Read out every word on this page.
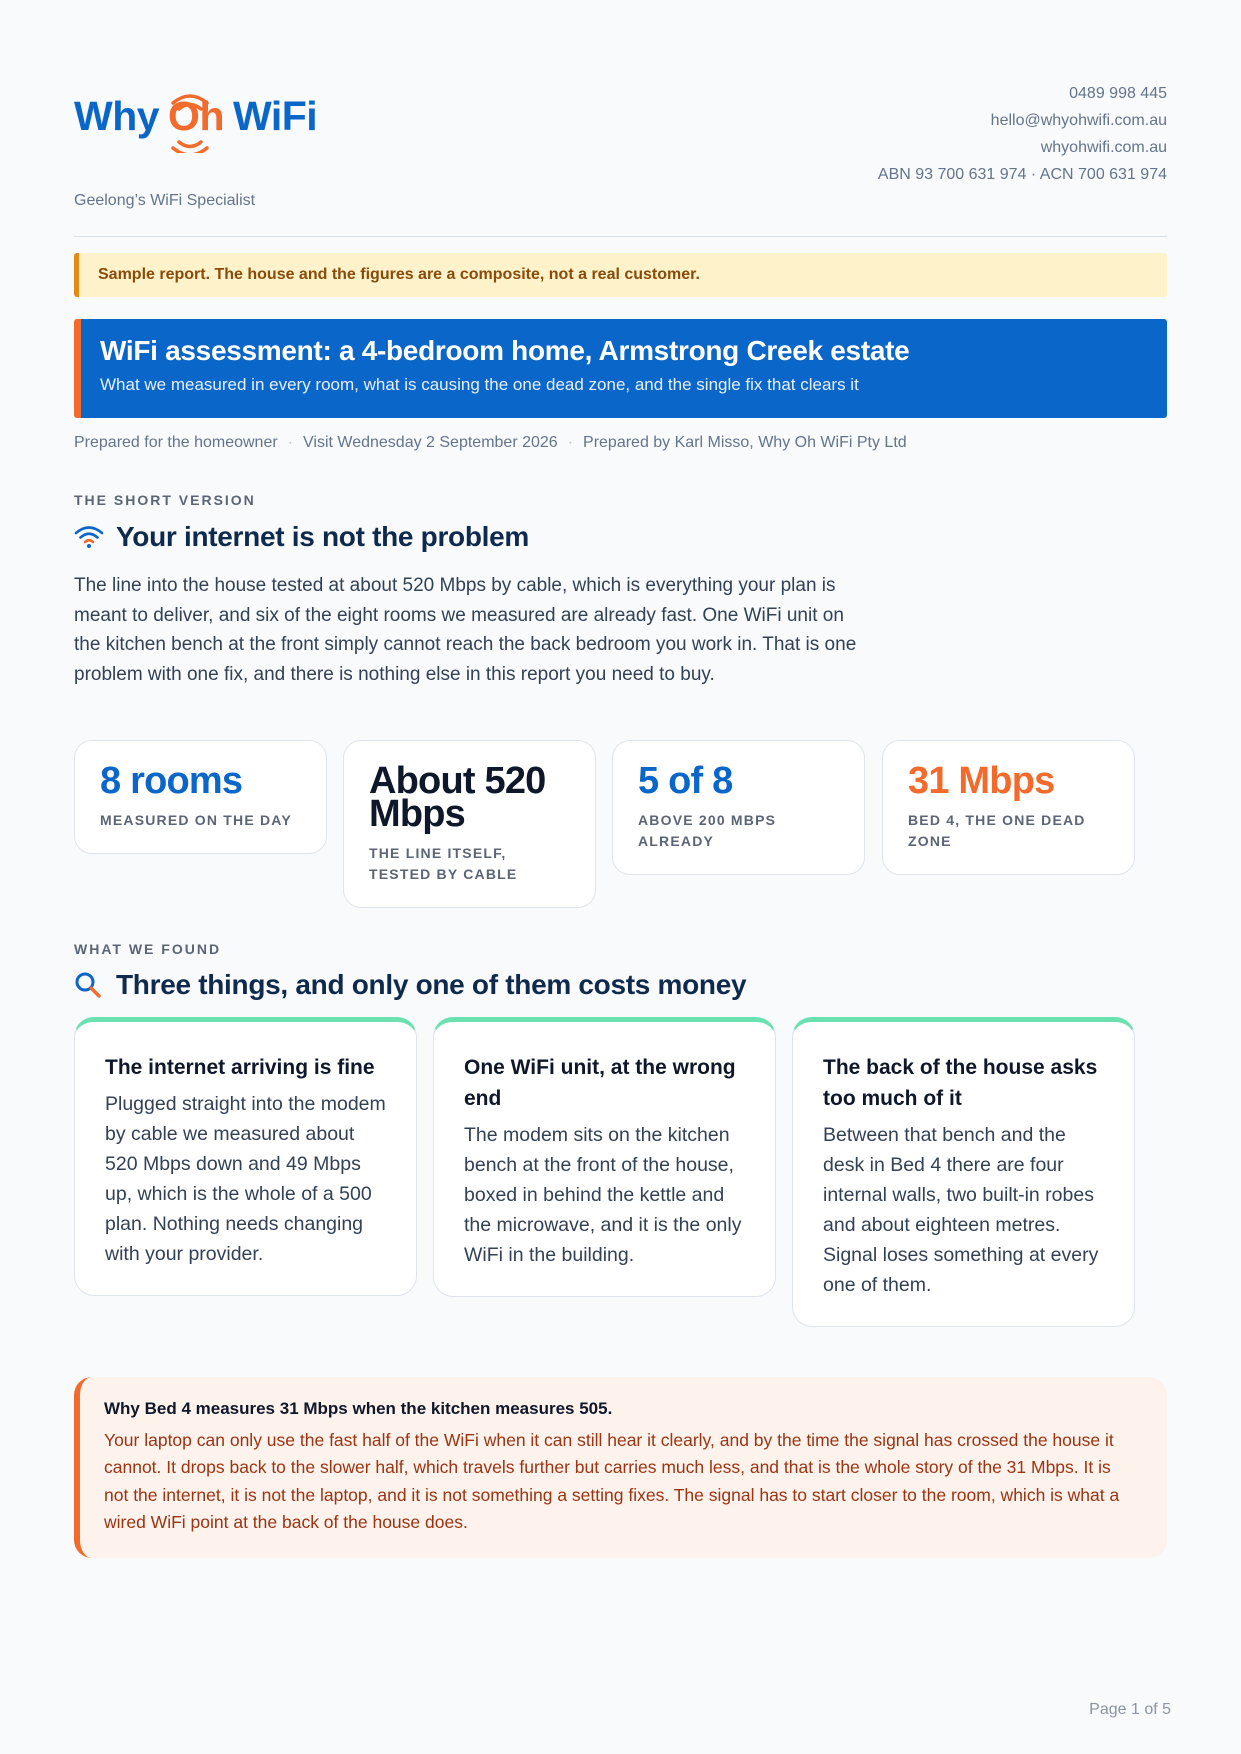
Why Oh WiFi
Geelong’s WiFi Specialist
0489 998 445
hello@whyohwifi.com.au
whyohwifi.com.au
ABN 93 700 631 974 · ACN 700 631 974
Sample report. The house and the figures are a composite, not a real customer.
WiFi assessment: a 4‑bedroom home, Armstrong Creek estate
What we measured in every room, what is causing the one dead zone, and the single fix that clears it
Prepared for the homeowner · Visit Wednesday 2 September 2026 · Prepared by Karl Misso, Why Oh WiFi Pty Ltd
THE SHORT VERSION
Your internet is not the problem
The line into the house tested at about 520 Mbps by cable, which is everything your plan is meant to deliver, and six of the eight rooms we measured are already fast. One WiFi unit on the kitchen bench at the front simply cannot reach the back bedroom you work in. That is one problem with one fix, and there is nothing else in this report you need to buy.
8 rooms
MEASURED ON THE DAY
About 520 Mbps
THE LINE ITSELF, TESTED BY CABLE
5 of 8
ABOVE 200 MBPS ALREADY
31 Mbps
BED 4, THE ONE DEAD ZONE
WHAT WE FOUND
Three things, and only one of them costs money
The internet arriving is fine
Plugged straight into the modem by cable we measured about 520 Mbps down and 49 Mbps up, which is the whole of a 500 plan. Nothing needs changing with your provider.
One WiFi unit, at the wrong end
The modem sits on the kitchen bench at the front of the house, boxed in behind the kettle and the microwave, and it is the only WiFi in the building.
The back of the house asks too much of it
Between that bench and the desk in Bed 4 there are four internal walls, two built-in robes and about eighteen metres. Signal loses something at every one of them.
Why Bed 4 measures 31 Mbps when the kitchen measures 505.
Your laptop can only use the fast half of the WiFi when it can still hear it clearly, and by the time the signal has crossed the house it cannot. It drops back to the slower half, which travels further but carries much less, and that is the whole story of the 31 Mbps. It is not the internet, it is not the laptop, and it is not something a setting fixes. The signal has to start closer to the room, which is what a wired WiFi point at the back of the house does.
Page 1 of 5
